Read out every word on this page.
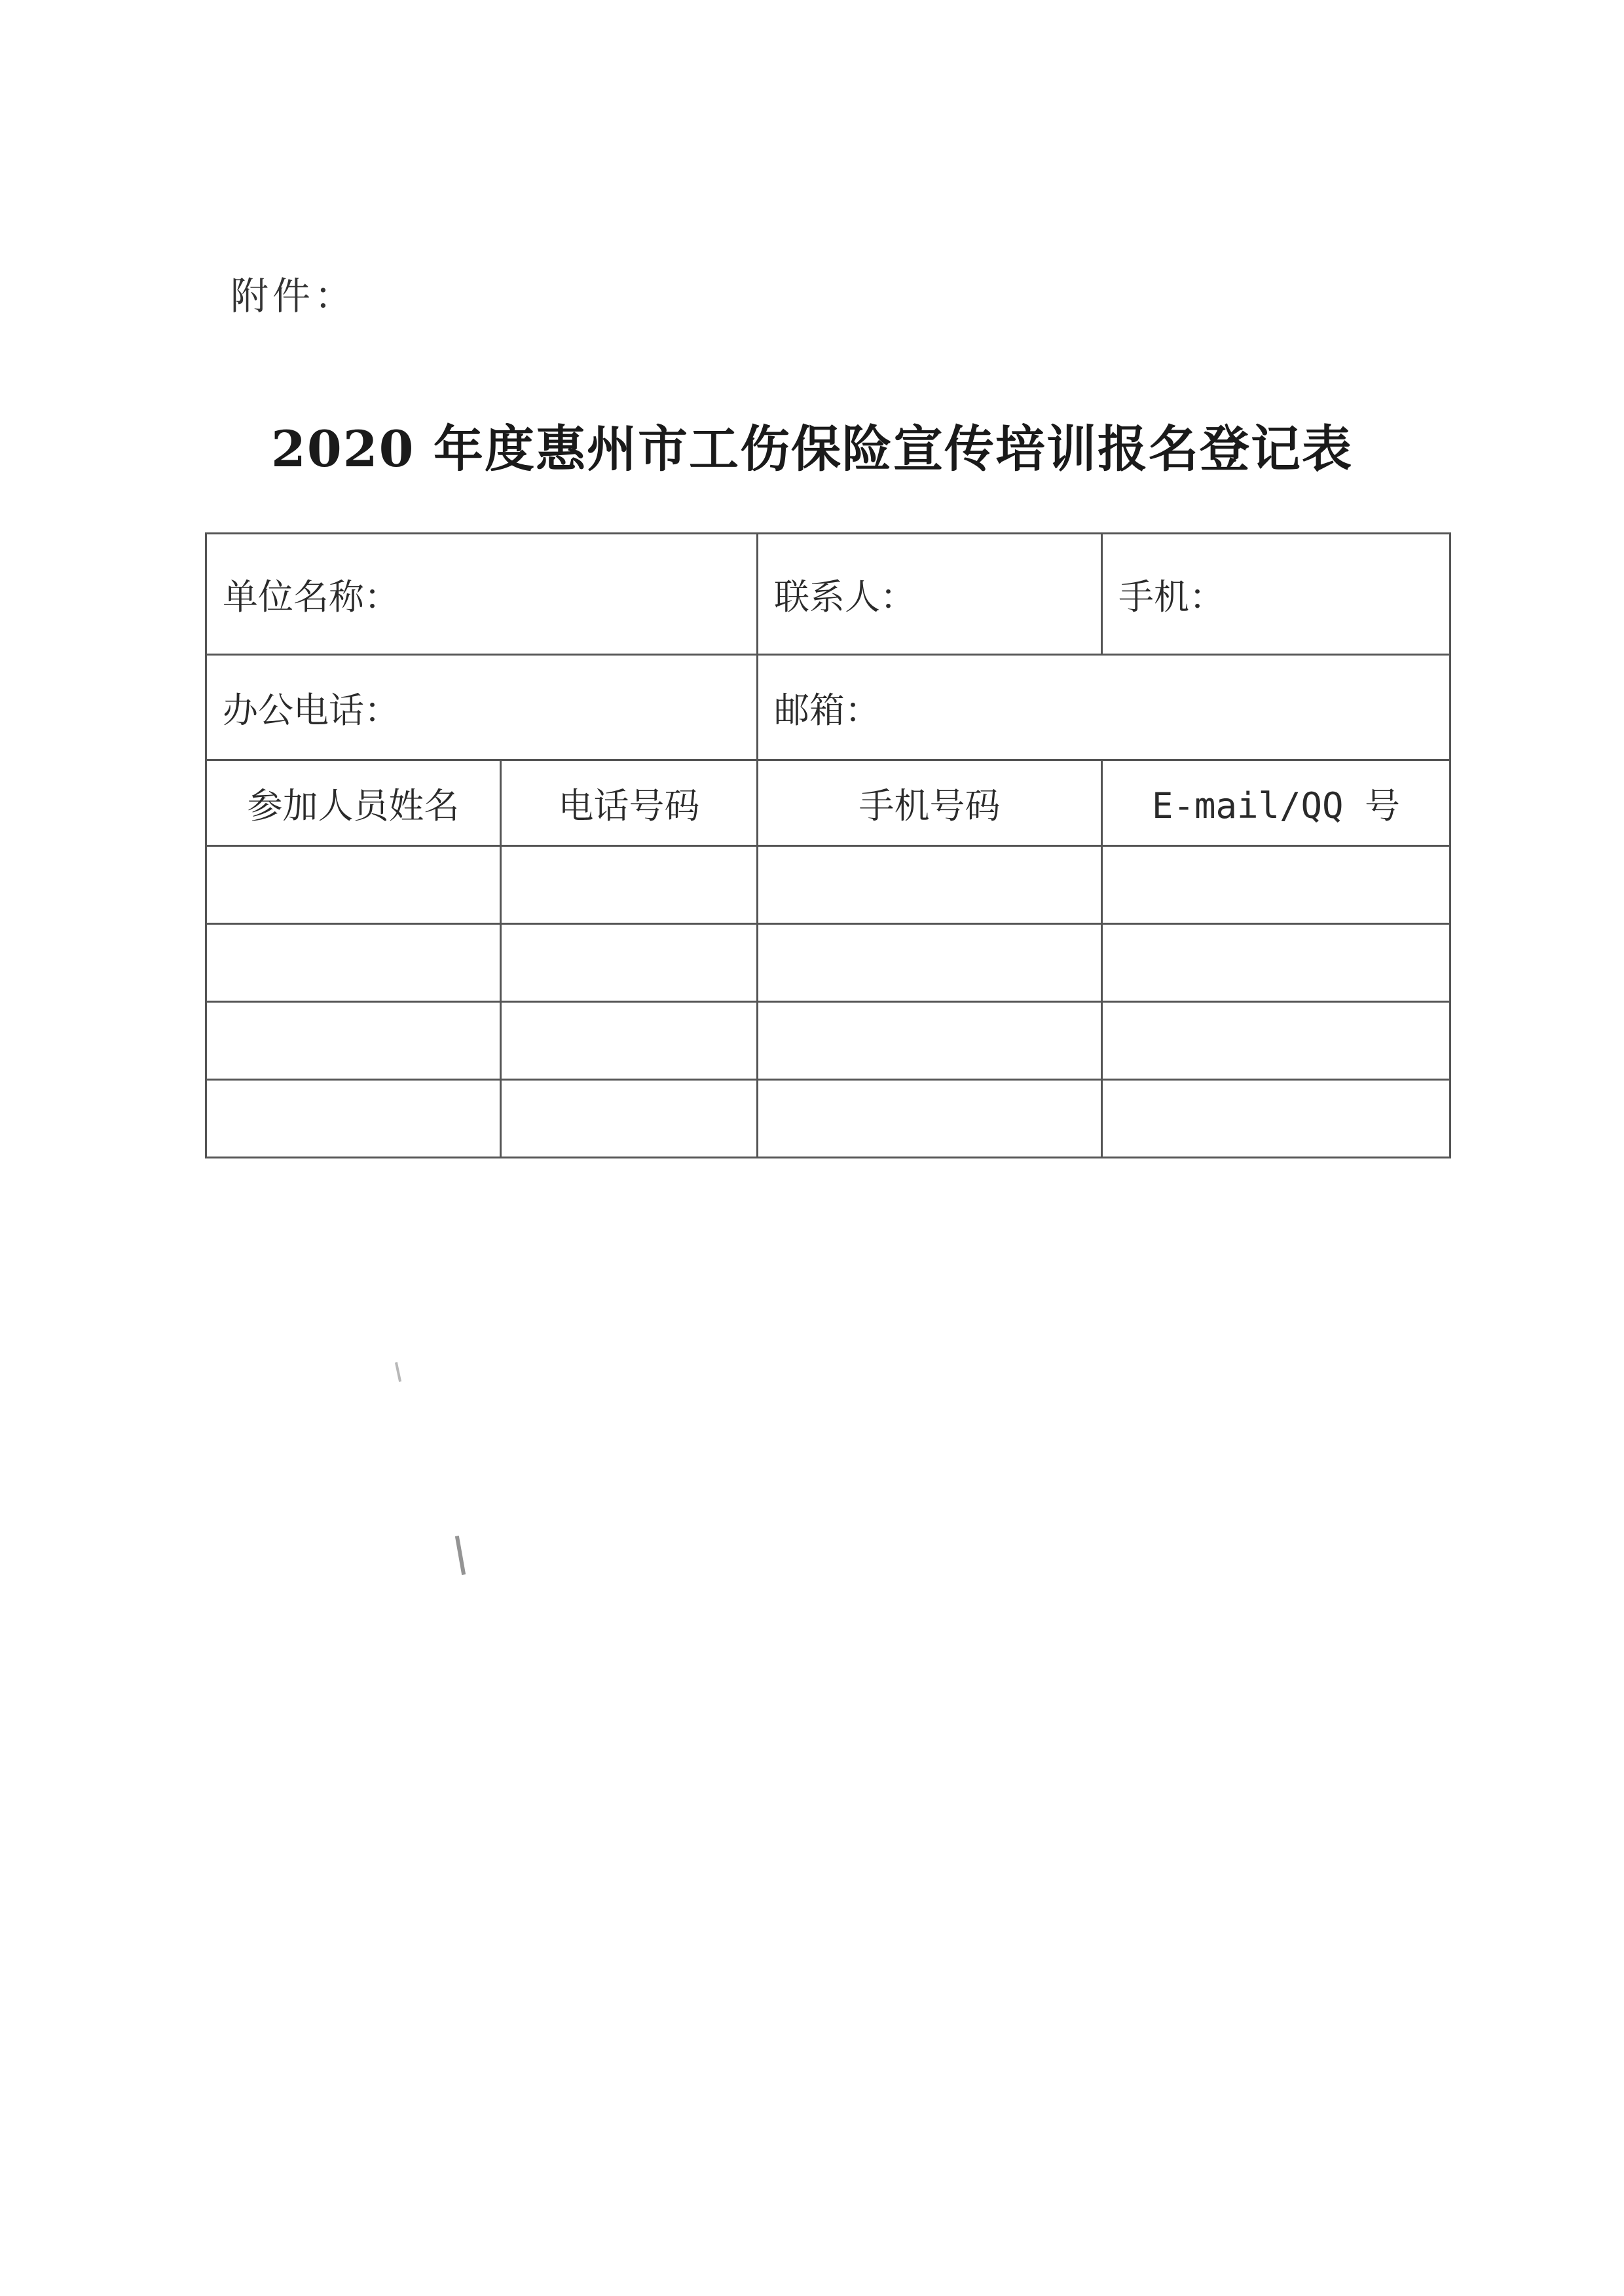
附件：
2020 年度惠州市工伤保险宣传培训报名登记表
单位名称：		联系人：	手机：
办公电话：		邮箱：	
参加人员姓名	电话号码	手机号码	E-mail/QQ 号
